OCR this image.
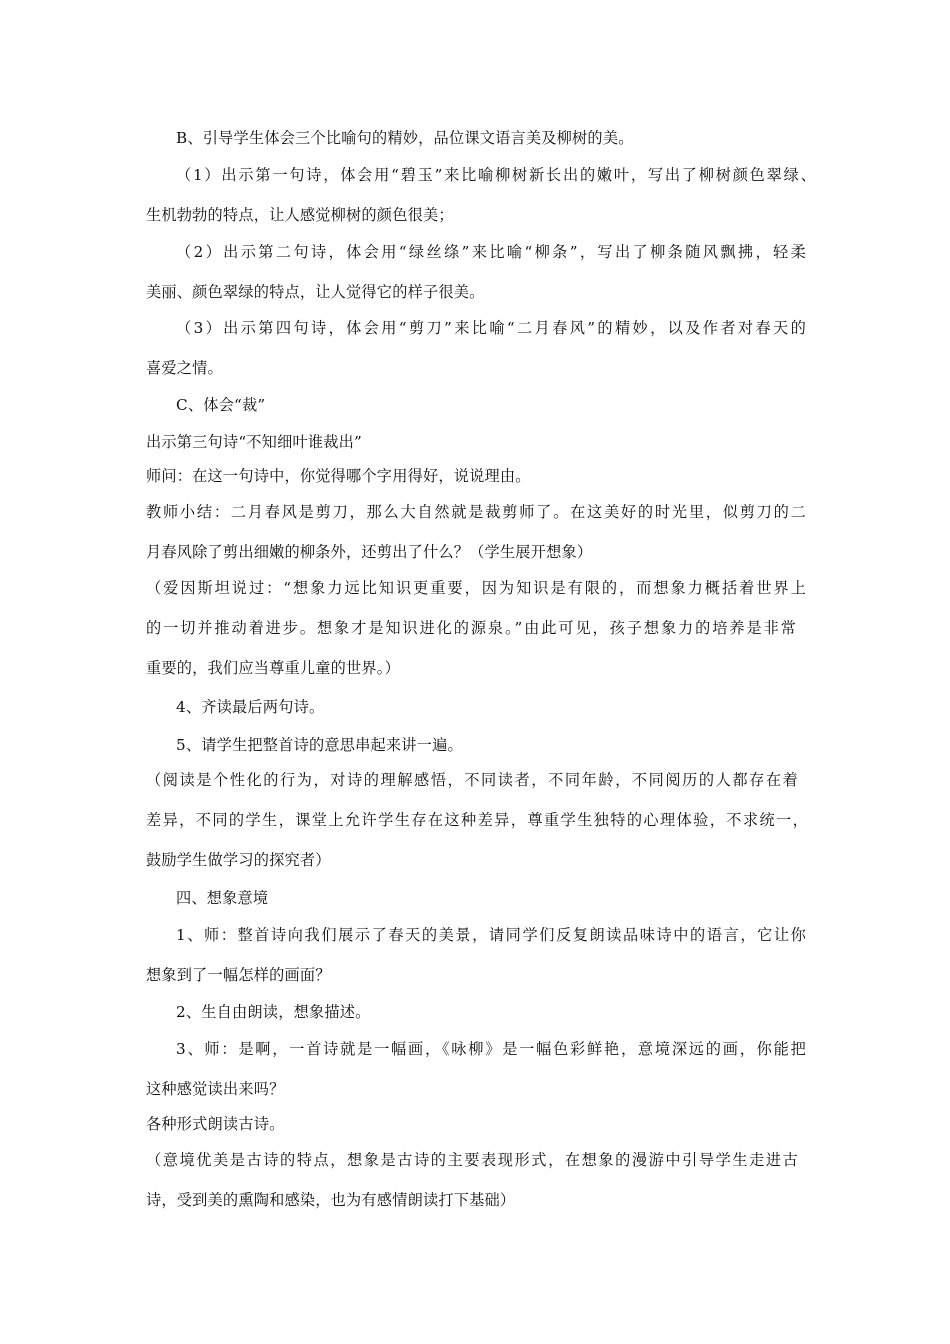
B、引导学生体会三个比喻句的精妙，品位课文语言美及柳树的美。
（1）出示第一句诗，体会用“碧玉”来比喻柳树新长出的嫩叶，写出了柳树颜色翠绿、
生机勃勃的特点，让人感觉柳树的颜色很美；
（2）出示第二句诗，体会用“绿丝绦”来比喻“柳条”，写出了柳条随风飘拂，轻柔
美丽、颜色翠绿的特点，让人觉得它的样子很美。
（3）出示第四句诗，体会用“剪刀”来比喻“二月春风”的精妙，以及作者对春天的
喜爱之情。
C、体会“裁”
出示第三句诗“不知细叶谁裁出”
师问：在这一句诗中，你觉得哪个字用得好，说说理由。
教师小结：二月春风是剪刀，那么大自然就是裁剪师了。在这美好的时光里，似剪刀的二
月春风除了剪出细嫩的柳条外，还剪出了什么？（学生展开想象）
（爱因斯坦说过：“想象力远比知识更重要，因为知识是有限的，而想象力概括着世界上
的一切并推动着进步。想象才是知识进化的源泉。”由此可见，孩子想象力的培养是非常
重要的，我们应当尊重儿童的世界。）
4、齐读最后两句诗。
5、请学生把整首诗的意思串起来讲一遍。
（阅读是个性化的行为，对诗的理解感悟，不同读者，不同年龄，不同阅历的人都存在着
差异，不同的学生，课堂上允许学生存在这种差异，尊重学生独特的心理体验，不求统一，
鼓励学生做学习的探究者）
四、想象意境
1、师：整首诗向我们展示了春天的美景，请同学们反复朗读品味诗中的语言，它让你
想象到了一幅怎样的画面？
2、生自由朗读，想象描述。
3、师：是啊，一首诗就是一幅画，《咏柳》是一幅色彩鲜艳，意境深远的画，你能把
这种感觉读出来吗？
各种形式朗读古诗。
（意境优美是古诗的特点，想象是古诗的主要表现形式，在想象的漫游中引导学生走进古
诗，受到美的熏陶和感染，也为有感情朗读打下基础）
